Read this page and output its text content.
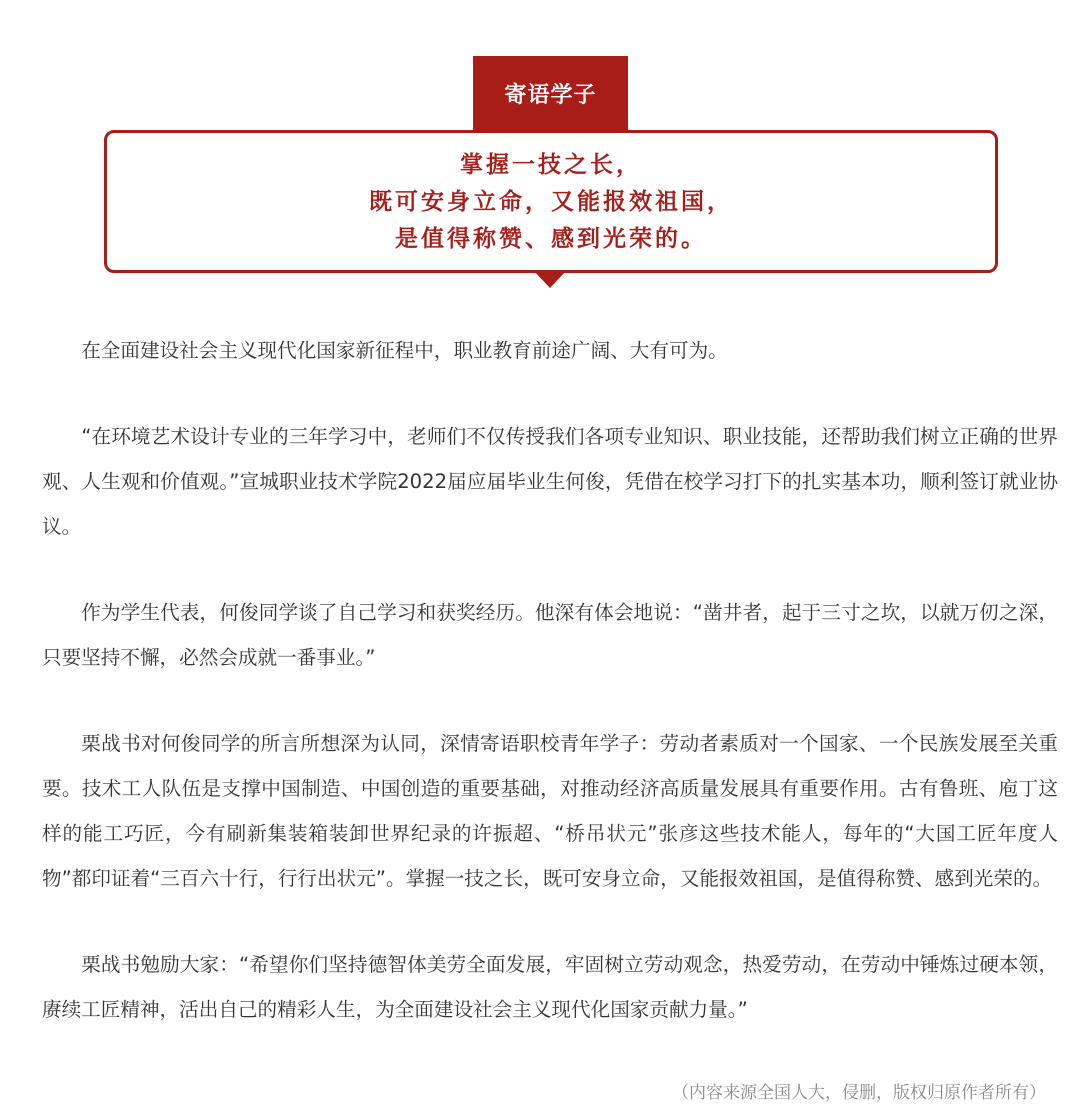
寄语学子
掌握一技之长，
既可安身立命，又能报效祖国，
是值得称赞、感到光荣的。

在全面建设社会主义现代化国家新征程中，职业教育前途广阔、大有可为。

“在环境艺术设计专业的三年学习中，老师们不仅传授我们各项专业知识、职业技能，还帮助我们树立正确的世界观、人生观和价值观。”宣城职业技术学院2022届应届毕业生何俊，凭借在校学习打下的扎实基本功，顺利签订就业协议。

作为学生代表，何俊同学谈了自己学习和获奖经历。他深有体会地说：“凿井者，起于三寸之坎，以就万仞之深，只要坚持不懈，必然会成就一番事业。”

栗战书对何俊同学的所言所想深为认同，深情寄语职校青年学子：劳动者素质对一个国家、一个民族发展至关重要。技术工人队伍是支撑中国制造、中国创造的重要基础，对推动经济高质量发展具有重要作用。古有鲁班、庖丁这样的能工巧匠，今有刷新集装箱装卸世界纪录的许振超、“桥吊状元”张彦这些技术能人，每年的“大国工匠年度人物”都印证着“三百六十行，行行出状元”。掌握一技之长，既可安身立命，又能报效祖国，是值得称赞、感到光荣的。

栗战书勉励大家：“希望你们坚持德智体美劳全面发展，牢固树立劳动观念，热爱劳动，在劳动中锤炼过硬本领，赓续工匠精神，活出自己的精彩人生，为全面建设社会主义现代化国家贡献力量。”

（内容来源全国人大，侵删，版权归原作者所有）
